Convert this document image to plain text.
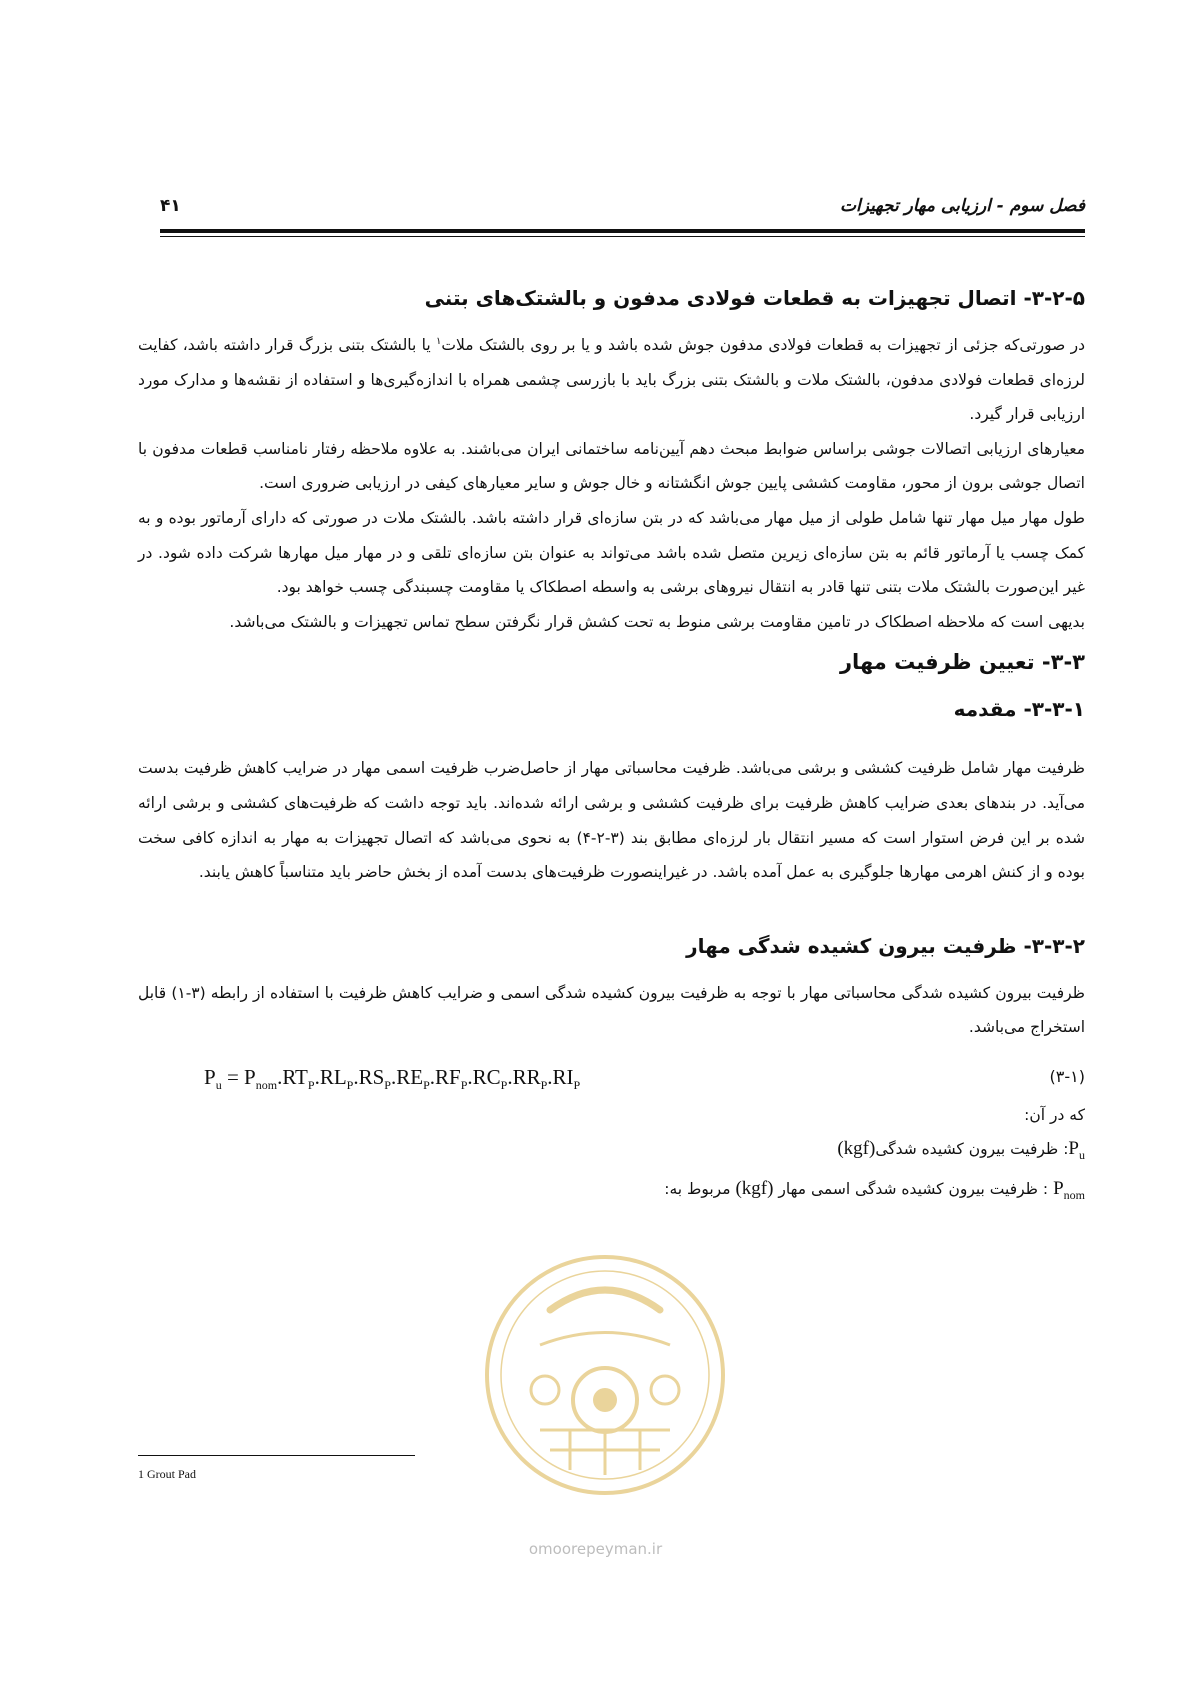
فصل سوم - ارزیابی مهار تجهیزات
۴۱
۳-۲-۵- اتصال تجهیزات به قطعات فولادی مدفون و بالشتک‌های بتنی

در صورتی‌که جزئی از تجهیزات به قطعات فولادی مدفون جوش شده باشد و یا بر روی بالشتک ملات$^۱$ یا بالشتک بتنی بزرگ قرار داشته باشد، کفایت لرزه‌ای قطعات فولادی مدفون، بالشتک ملات و بالشتک بتنی بزرگ باید با بازرسی چشمی همراه با اندازه‌گیری‌ها و استفاده از نقشه‌ها و مدارک مورد ارزیابی قرار گیرد.

معیارهای ارزیابی اتصالات جوشی براساس ضوابط مبحث دهم آیین‌نامه ساختمانی ایران می‌باشند. به علاوه ملاحظه رفتار نامناسب قطعات مدفون با اتصال جوشی برون از محور، مقاومت کششی پایین جوش انگشتانه و خال جوش و سایر معیارهای کیفی در ارزیابی ضروری است.

طول مهار میل مهار تنها شامل طولی از میل مهار می‌باشد که در بتن سازه‌ای قرار داشته باشد. بالشتک ملات در صورتی که دارای آرماتور بوده و به کمک چسب یا آرماتور قائم به بتن سازه‌ای زیرین متصل شده باشد می‌تواند به عنوان بتن سازه‌ای تلقی و در مهار میل مهارها شرکت داده شود. در غیر این‌صورت بالشتک ملات بتنی تنها قادر به انتقال نیروهای برشی به واسطه اصطکاک یا مقاومت چسبندگی چسب خواهد بود.

بدیهی است که ملاحظه اصطکاک در تامین مقاومت برشی منوط به تحت کشش قرار نگرفتن سطح تماس تجهیزات و بالشتک می‌باشد.

۳-۳- تعیین ظرفیت مهار
۳-۳-۱- مقدمه

ظرفیت مهار شامل ظرفیت کششی و برشی می‌باشد. ظرفیت محاسباتی مهار از حاصل‌ضرب ظرفیت اسمی مهار در ضرایب کاهش ظرفیت بدست می‌آید. در بندهای بعدی ضرایب کاهش ظرفیت برای ظرفیت کششی و برشی ارائه شده‌اند. باید توجه داشت که ظرفیت‌های کششی و برشی ارائه شده بر این فرض استوار است که مسیر انتقال بار لرزه‌ای مطابق بند (۳-۲-۴) به نحوی می‌باشد که اتصال تجهیزات به مهار به اندازه کافی سخت بوده و از کنش اهرمی مهارها جلوگیری به عمل آمده باشد. در غیراینصورت ظرفیت‌های بدست آمده از بخش حاضر باید متناسباً کاهش یابند.

۳-۳-۲- ظرفیت بیرون کشیده شدگی مهار

ظرفیت بیرون کشیده شدگی محاسباتی مهار با توجه به ظرفیت بیرون کشیده شدگی اسمی و ضرایب کاهش ظرفیت با استفاده از رابطه (۳-۱) قابل استخراج می‌باشد.

$P_u = P_{nom}.RT_P.RL_P.RS_P.RE_P.RF_P.RC_P.RR_P.RI_P$	(۳-۱)

که در آن:

$P_u$: ظرفیت بیرون کشیده شدگی(kgf)

$P_{nom}$ : ظرفیت بیرون کشیده شدگی اسمی مهار (kgf) مربوط به:

1 Grout Pad
omoorepeyman.ir
